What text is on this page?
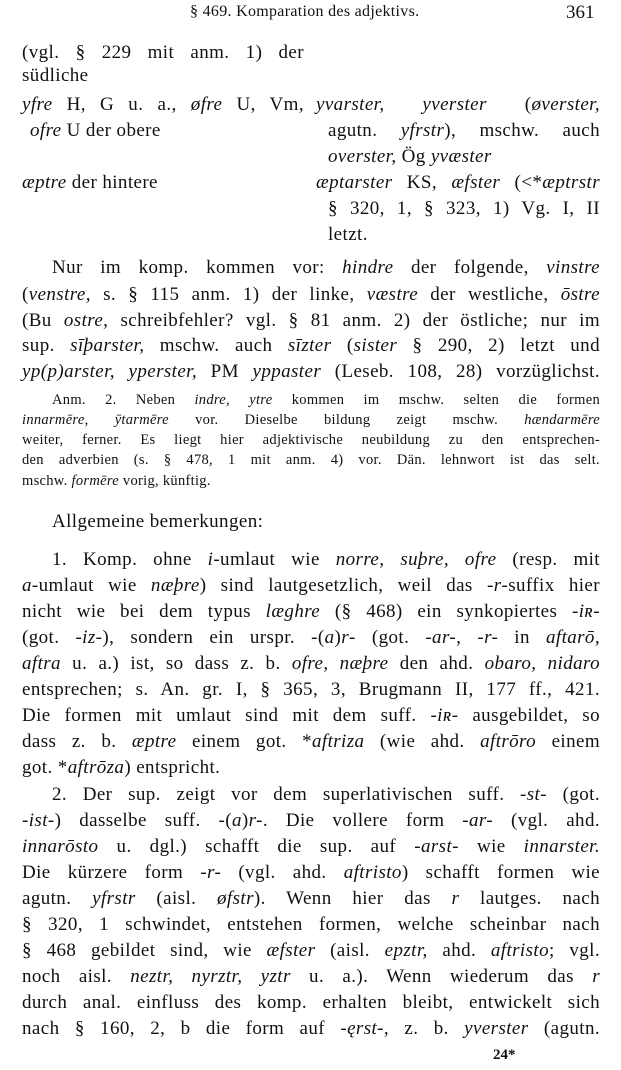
§ 469. Komparation des adjektivs.	361
(vgl. § 229 mit anm. 1) der
südliche
yfre H, G u. a., øfre U, Vm,
ofre U der obere
æptre der hintere
yvarster, yverster (øverster,
agutn. yfrstr), mschw. auch
overster, Ög yvæster
æptarster KS, æfster (<*æptrstr
§ 320, 1, § 323, 1) Vg. I, II
letzt.
Nur im komp. kommen vor: hindre der folgende, vinstre
(venstre, s. § 115 anm. 1) der linke, væstre der westliche, ōstre
(Bu ostre, schreibfehler? vgl. § 81 anm. 2) der östliche; nur im
sup. sīþarster, mschw. auch sīzter (sister § 290, 2) letzt und
yp(p)arster, yperster, PM yppaster (Leseb. 108, 28) vorzüglichst.
Anm. 2. Neben indre, ytre kommen im mschw. selten die formen
innarmēre, ȳtarmēre vor. Dieselbe bildung zeigt mschw. hændarmēre
weiter, ferner. Es liegt hier adjektivische neubildung zu den entsprechen-
den adverbien (s. § 478, 1 mit anm. 4) vor. Dän. lehnwort ist das selt.
mschw. formēre vorig, künftig.
Allgemeine bemerkungen:
1. Komp. ohne i-umlaut wie norre, suþre, ofre (resp. mit
a-umlaut wie næþre) sind lautgesetzlich, weil das -r-suffix hier
nicht wie bei dem typus læghre (§ 468) ein synkopiertes -iʀ-
(got. -iz-), sondern ein urspr. -(a)r- (got. -ar-, -r- in aftarō,
aftra u. a.) ist, so dass z. b. ofre, næþre den ahd. obaro, nidaro
entsprechen; s. An. gr. I, § 365, 3, Brugmann II, 177 ff., 421.
Die formen mit umlaut sind mit dem suff. -iʀ- ausgebildet, so
dass z. b. æptre einem got. *aftriza (wie ahd. aftrōro einem
got. *aftrōza) entspricht.
2. Der sup. zeigt vor dem superlativischen suff. -st- (got.
-ist-) dasselbe suff. -(a)r-. Die vollere form -ar- (vgl. ahd.
innarōsto u. dgl.) schafft die sup. auf -arst- wie innarster.
Die kürzere form -r- (vgl. ahd. aftristo) schafft formen wie
agutn. yfrstr (aisl. øfstr). Wenn hier das r lautges. nach
§ 320, 1 schwindet, entstehen formen, welche scheinbar nach
§ 468 gebildet sind, wie æfster (aisl. epztr, ahd. aftristo; vgl.
noch aisl. neztr, nyrztr, yztr u. a.). Wenn wiederum das r
durch anal. einfluss des komp. erhalten bleibt, entwickelt sich
nach § 160, 2, b die form auf -ęrst-, z. b. yverster (agutn.
24*
